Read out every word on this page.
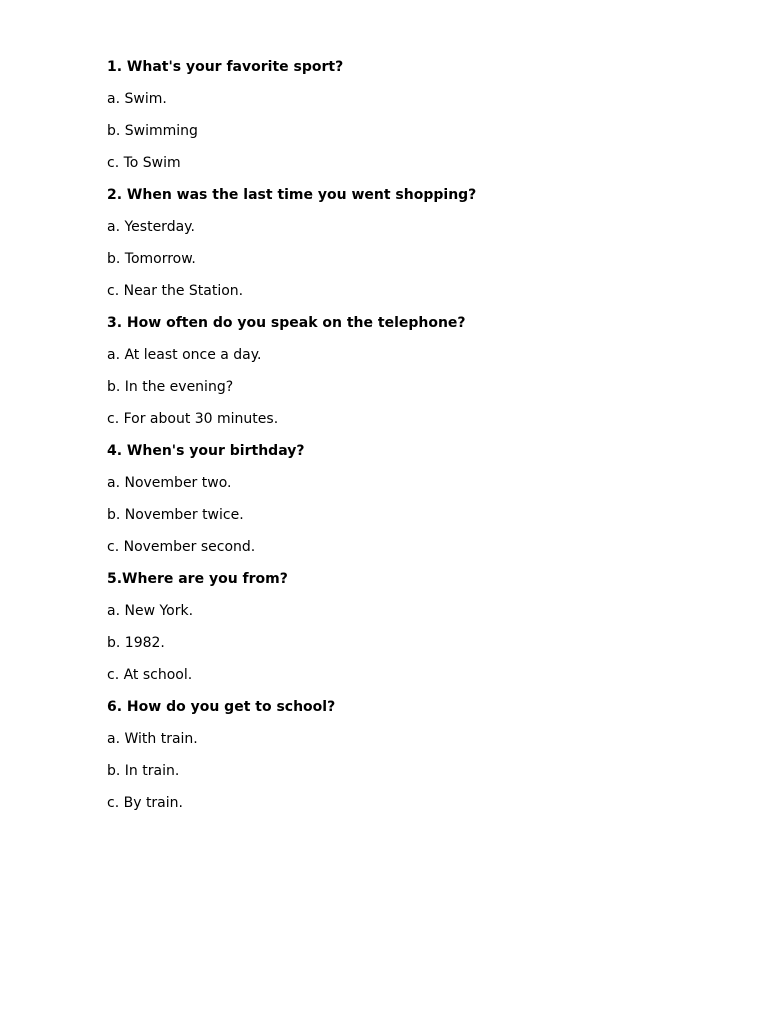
1. What's your favorite sport?
a. Swim.
b. Swimming
c. To Swim
2. When was the last time you went shopping?
a. Yesterday.
b. Tomorrow.
c. Near the Station.
3. How often do you speak on the telephone?
a. At least once a day.
b. In the evening?
c. For about 30 minutes.
4. When's your birthday?
a. November two.
b. November twice.
c. November second.
5.Where are you from?
a. New York.
b. 1982.
c. At school.
6. How do you get to school?
a. With train.
b. In train.
c. By train.
